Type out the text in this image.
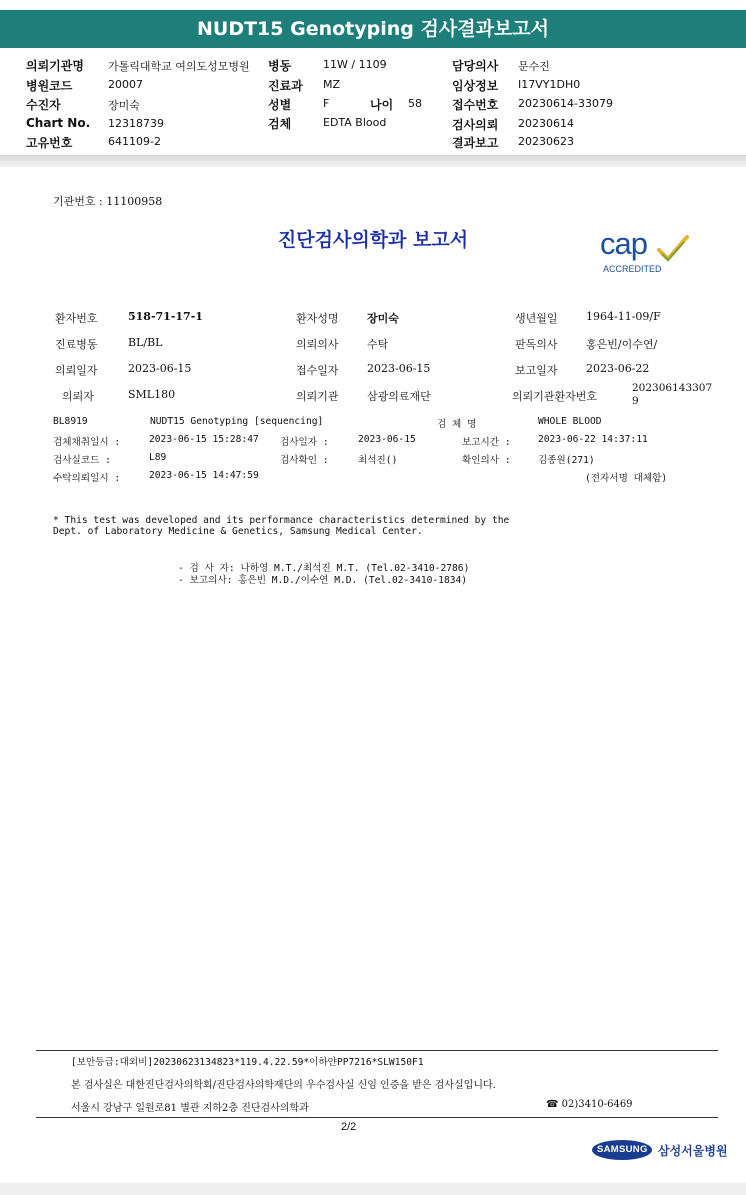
NUDT15 Genotyping 검사결과보고서
의뢰기관명 가톨릭대학교 여의도성모병원 병동	11W / 1109	담당의사 문수진
병원코드	20007	진료과 MZ	임상정보 I17VY1DH0
수진자	장미숙	성별	F	나이 58	접수번호 20230614-33079
Chart No. 12318739	검체	EDTA Blood	검사의뢰 20230614
고유번호	641109-2	결과보고 20230623
기관번호 : 11100958
진단검사의학과 보고서	cap
ACCREDITED
환자번호	518-71-17-1	환자성명	장미숙	생년월일	1964-11-09/F
진료병동	BL/BL	의뢰의사	수탁	판독의사	홍은빈/이수연/
의뢰일자	2023-06-15	접수일자	2023-06-15	보고일자	2023-06-22
의뢰자	SML180	의뢰기관	삼광의료재단	의뢰기관환자번호
202306143307
9
BL8919	NUDT15 Genotyping [sequencing]	검 체 명	WHOLE BLOOD
검체채취일시 :	2023-06-15 15:28:47 검사일자 :	2023-06-15	보고시간 :	2023-06-22 14:37:11
검사실코드 :	L89	검사확인 :	최석진()	확인의사 :	김종원(271)
수탁의뢰일시 :	2023-06-15 14:47:59	(전자서명 대체함)
* This test was developed and its performance characteristics determined by the
Dept. of Laboratory Medicine & Genetics, Samsung Medical Center.
- 검 사 자: 나하영 M.T./최석진 M.T. (Tel.02-3410-2786)
- 보고의사: 홍은빈 M.D./이수연 M.D. (Tel.02-3410-1834)
[보안등급:대외비]20230623134823*119.4.22.59*이하얀PP7216*SLW150F1
본 검사실은 대한진단검사의학회/진단검사의학재단의 우수검사실 신임 인증을 받은 검사실입니다.
서울시 강남구 일원로81 별관 지하2층 진단검사의학과	☎ 02)3410-6469
2/2
SAMSUNG 삼성서울병원
